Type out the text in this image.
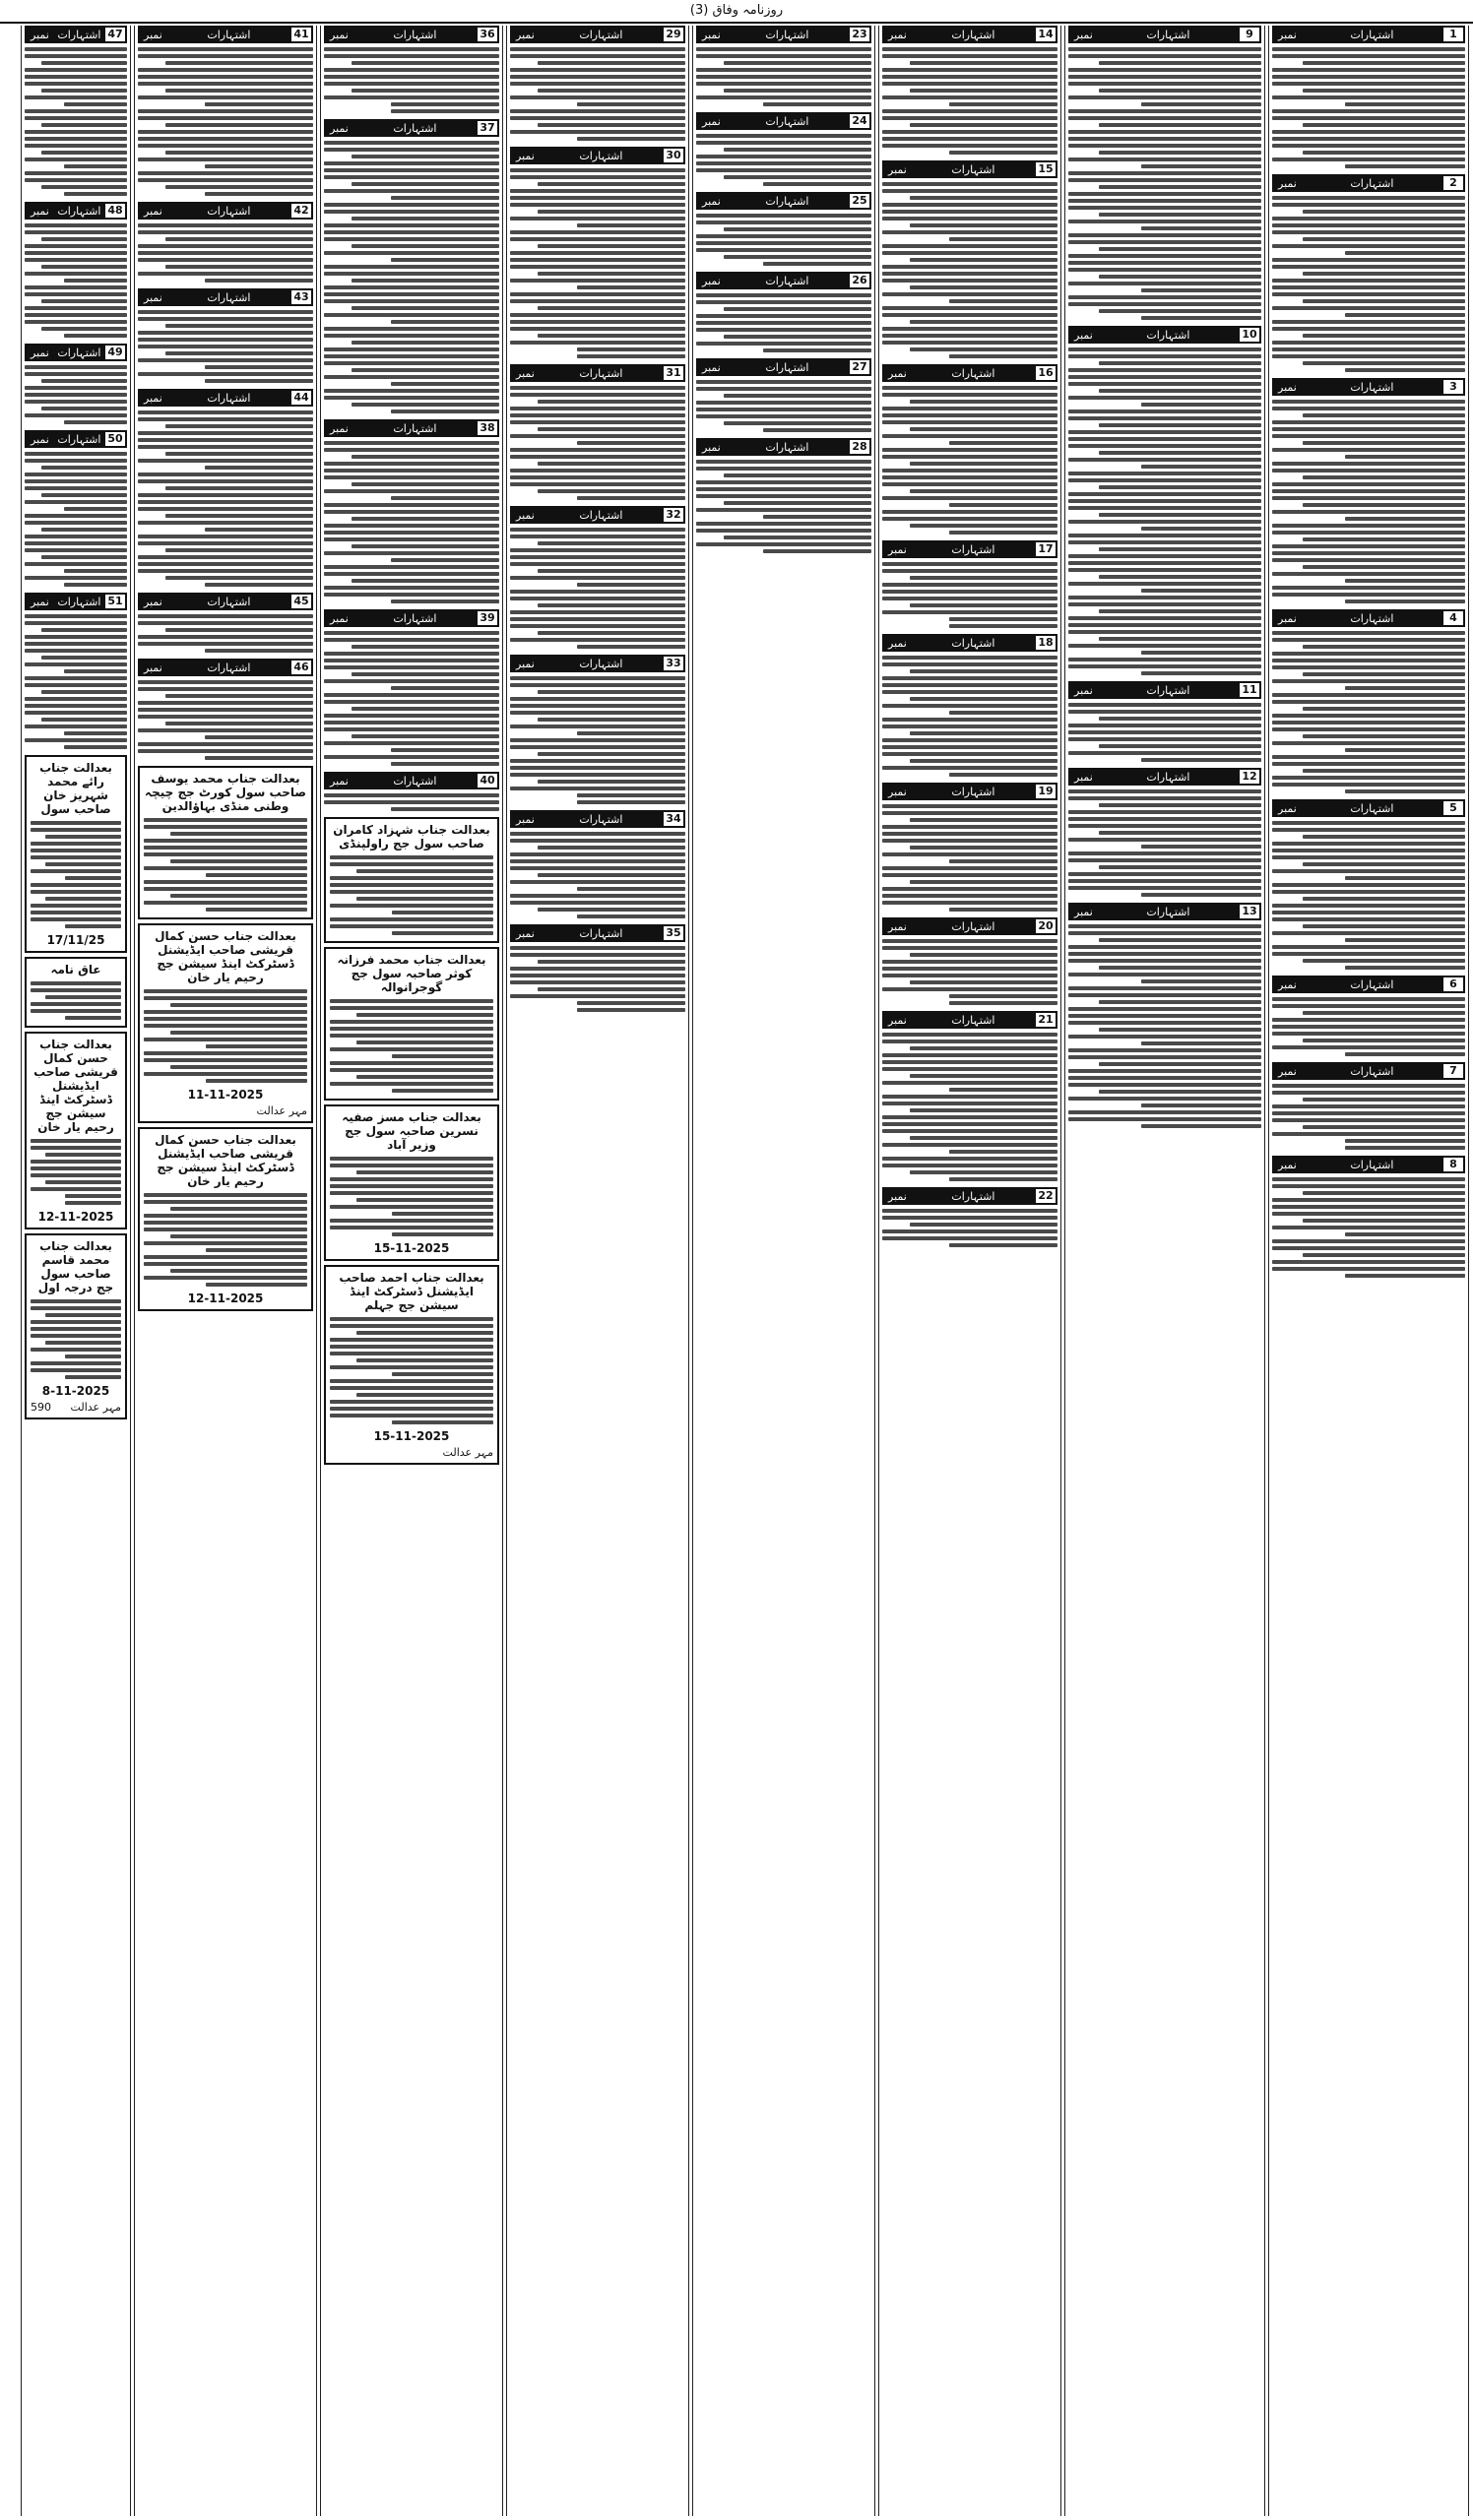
روزنامہ وفاق (3)
1
اشتہارات
نمبر
2
اشتہارات
نمبر
3
اشتہارات
نمبر
4
اشتہارات
نمبر
5
اشتہارات
نمبر
6
اشتہارات
نمبر
7
اشتہارات
نمبر
8
اشتہارات
نمبر
9
اشتہارات
نمبر
10
اشتہارات
نمبر
11
اشتہارات
نمبر
12
اشتہارات
نمبر
13
اشتہارات
نمبر
14
اشتہارات
نمبر
15
اشتہارات
نمبر
16
اشتہارات
نمبر
17
اشتہارات
نمبر
18
اشتہارات
نمبر
19
اشتہارات
نمبر
20
اشتہارات
نمبر
21
اشتہارات
نمبر
22
اشتہارات
نمبر
23
اشتہارات
نمبر
24
اشتہارات
نمبر
25
اشتہارات
نمبر
26
اشتہارات
نمبر
27
اشتہارات
نمبر
28
اشتہارات
نمبر
29
اشتہارات
نمبر
30
اشتہارات
نمبر
31
اشتہارات
نمبر
32
اشتہارات
نمبر
33
اشتہارات
نمبر
34
اشتہارات
نمبر
35
اشتہارات
نمبر
36
اشتہارات
نمبر
37
اشتہارات
نمبر
38
اشتہارات
نمبر
39
اشتہارات
نمبر
40
اشتہارات
نمبر
بعدالت جناب شہزاد کامران صاحب سول جج راولپنڈی
بعدالت جناب محمد فرزانہ کوثر صاحبہ سول جج گوجرانوالہ
بعدالت جناب مسز صفیہ نسرین صاحبہ سول جج وزیر آباد
15-11-2025
بعدالت جناب احمد صاحب ایڈیشنل ڈسٹرکٹ اینڈ سیشن جج جہلم
15-11-2025
مہر عدالت
41
اشتہارات
نمبر
42
اشتہارات
نمبر
43
اشتہارات
نمبر
44
اشتہارات
نمبر
45
اشتہارات
نمبر
46
اشتہارات
نمبر
بعدالت جناب محمد یوسف صاحب سول کورٹ جج چیچہ وطنی منڈی بہاؤالدین
بعدالت جناب حسن کمال قریشی صاحب ایڈیشنل ڈسٹرکٹ اینڈ سیشن جج رحیم یار خان
11-11-2025
مہر عدالت
بعدالت جناب حسن کمال قریشی صاحب ایڈیشنل ڈسٹرکٹ اینڈ سیشن جج رحیم یار خان
12-11-2025
47
اشتہارات
نمبر
48
اشتہارات
نمبر
49
اشتہارات
نمبر
50
اشتہارات
نمبر
51
اشتہارات
نمبر
بعدالت جناب رائے محمد شہریز خان صاحب سول
17/11/25
عاق نامہ
بعدالت جناب حسن کمال قریشی صاحب ایڈیشنل ڈسٹرکٹ اینڈ سیشن جج رحیم یار خان
12-11-2025
بعدالت جناب محمد قاسم صاحب سول جج درجہ اول
8-11-2025
مہر عدالت
590
